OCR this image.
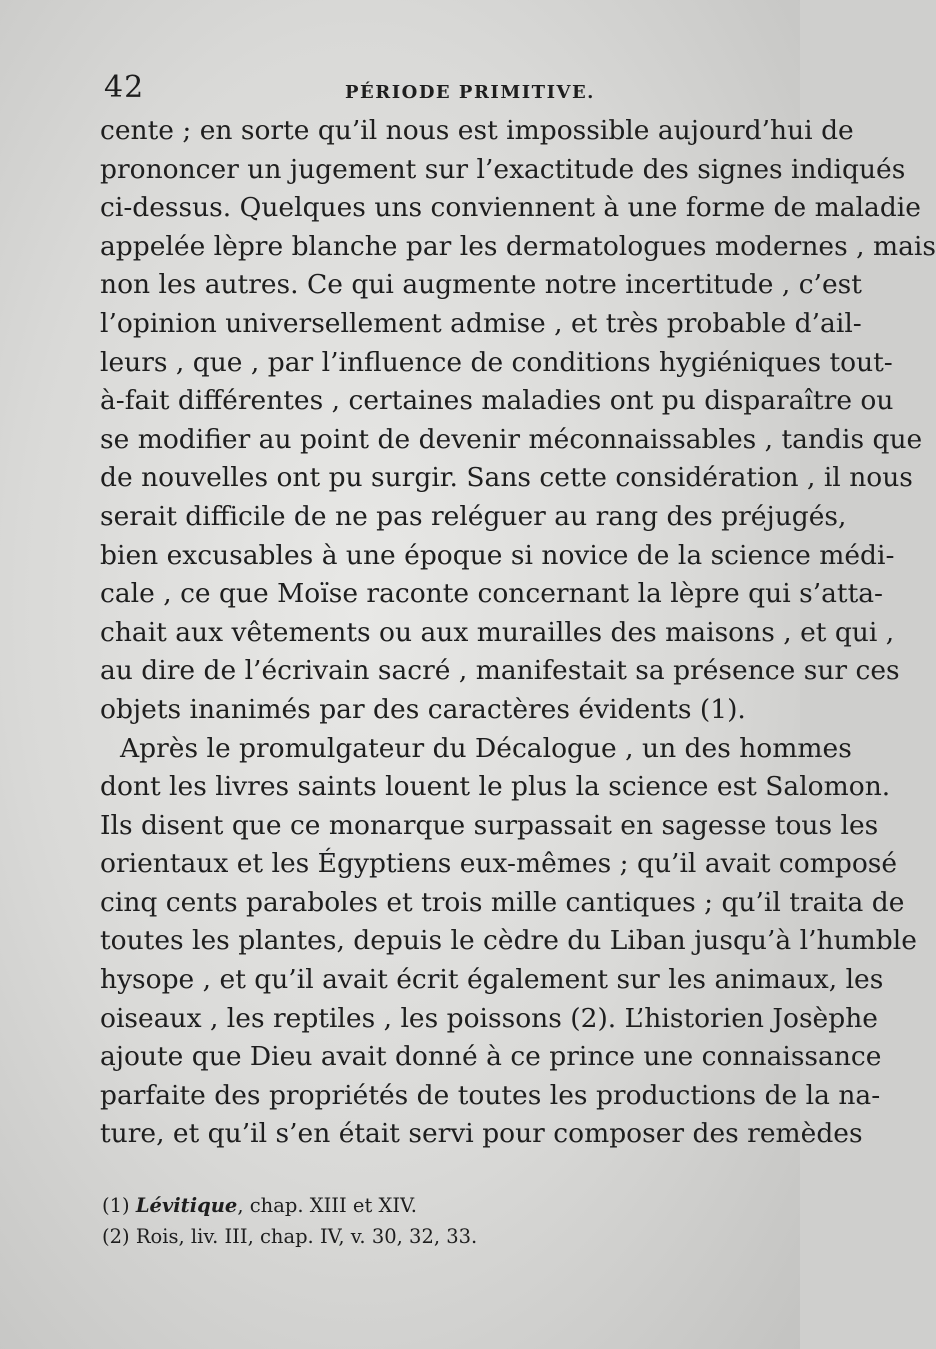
42	PÉRIODE PRIMITIVE.
cente ; en sorte qu’il nous est impossible aujourd’hui de
prononcer un jugement sur l’exactitude des signes indiqués
ci-dessus. Quelques uns conviennent à une forme de maladie
appelée lèpre blanche par les dermatologues modernes , mais
non les autres. Ce qui augmente notre incertitude , c’est
l’opinion universellement admise , et très probable d’ail-
leurs , que , par l’influence de conditions hygiéniques tout-
à-fait différentes , certaines maladies ont pu disparaître ou
se modifier au point de devenir méconnaissables , tandis que
de nouvelles ont pu surgir. Sans cette considération , il nous
serait difficile de ne pas reléguer au rang des préjugés,
bien excusables à une époque si novice de la science médi-
cale , ce que Moïse raconte concernant la lèpre qui s’atta-
chait aux vêtements ou aux murailles des maisons , et qui ,
au dire de l’écrivain sacré , manifestait sa présence sur ces
objets inanimés par des caractères évidents (1).
Après le promulgateur du Décalogue , un des hommes
dont les livres saints louent le plus la science est Salomon.
Ils disent que ce monarque surpassait en sagesse tous les
orientaux et les Égyptiens eux-mêmes ; qu’il avait composé
cinq cents paraboles et trois mille cantiques ; qu’il traita de
toutes les plantes, depuis le cèdre du Liban jusqu’à l’humble
hysope , et qu’il avait écrit également sur les animaux, les
oiseaux , les reptiles , les poissons (2). L’historien Josèphe
ajoute que Dieu avait donné à ce prince une connaissance
parfaite des propriétés de toutes les productions de la na-
ture, et qu’il s’en était servi pour composer des remèdes
(1) Lévitique, chap. XIII et XIV.
(2) Rois, liv. III, chap. IV, v. 30, 32, 33.
